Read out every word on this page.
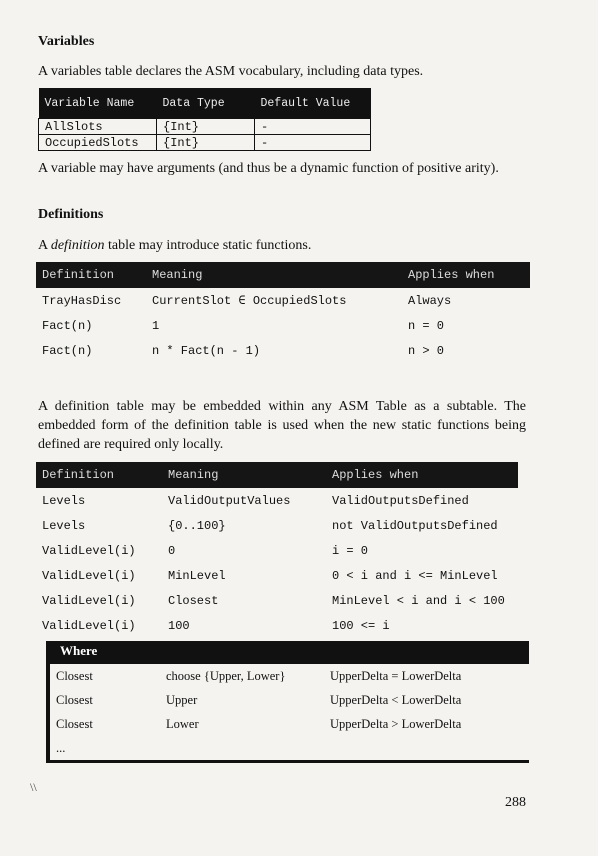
Variables
A variables table declares the ASM vocabulary, including data types.
Variable Name	Data Type	Default Value
AllSlots	{Int}	-
OccupiedSlots	{Int}	-
A variable may have arguments (and thus be a dynamic function of positive arity).
Definitions
A definition table may introduce static functions.
Definition	Meaning	Applies when
TrayHasDisc	CurrentSlot ∈ OccupiedSlots	Always
Fact(n)	1	n = 0
Fact(n)	n * Fact(n - 1)	n > 0
A definition table may be embedded within any ASM Table as a subtable. The embedded form of the definition table is used when the new static functions being defined are required only locally.
Definition	Meaning	Applies when
Levels	ValidOutputValues	ValidOutputsDefined
Levels	{0..100}	not ValidOutputsDefined
ValidLevel(i)	0	i = 0
ValidLevel(i)	MinLevel	0 < i and i <= MinLevel
ValidLevel(i)	Closest	MinLevel < i and i < 100
ValidLevel(i)	100	100 <= i
Where
Closest	choose {Upper, Lower}	UpperDelta = LowerDelta
Closest	Upper	UpperDelta < LowerDelta
Closest	Lower	UpperDelta > LowerDelta
...		
\\
288
